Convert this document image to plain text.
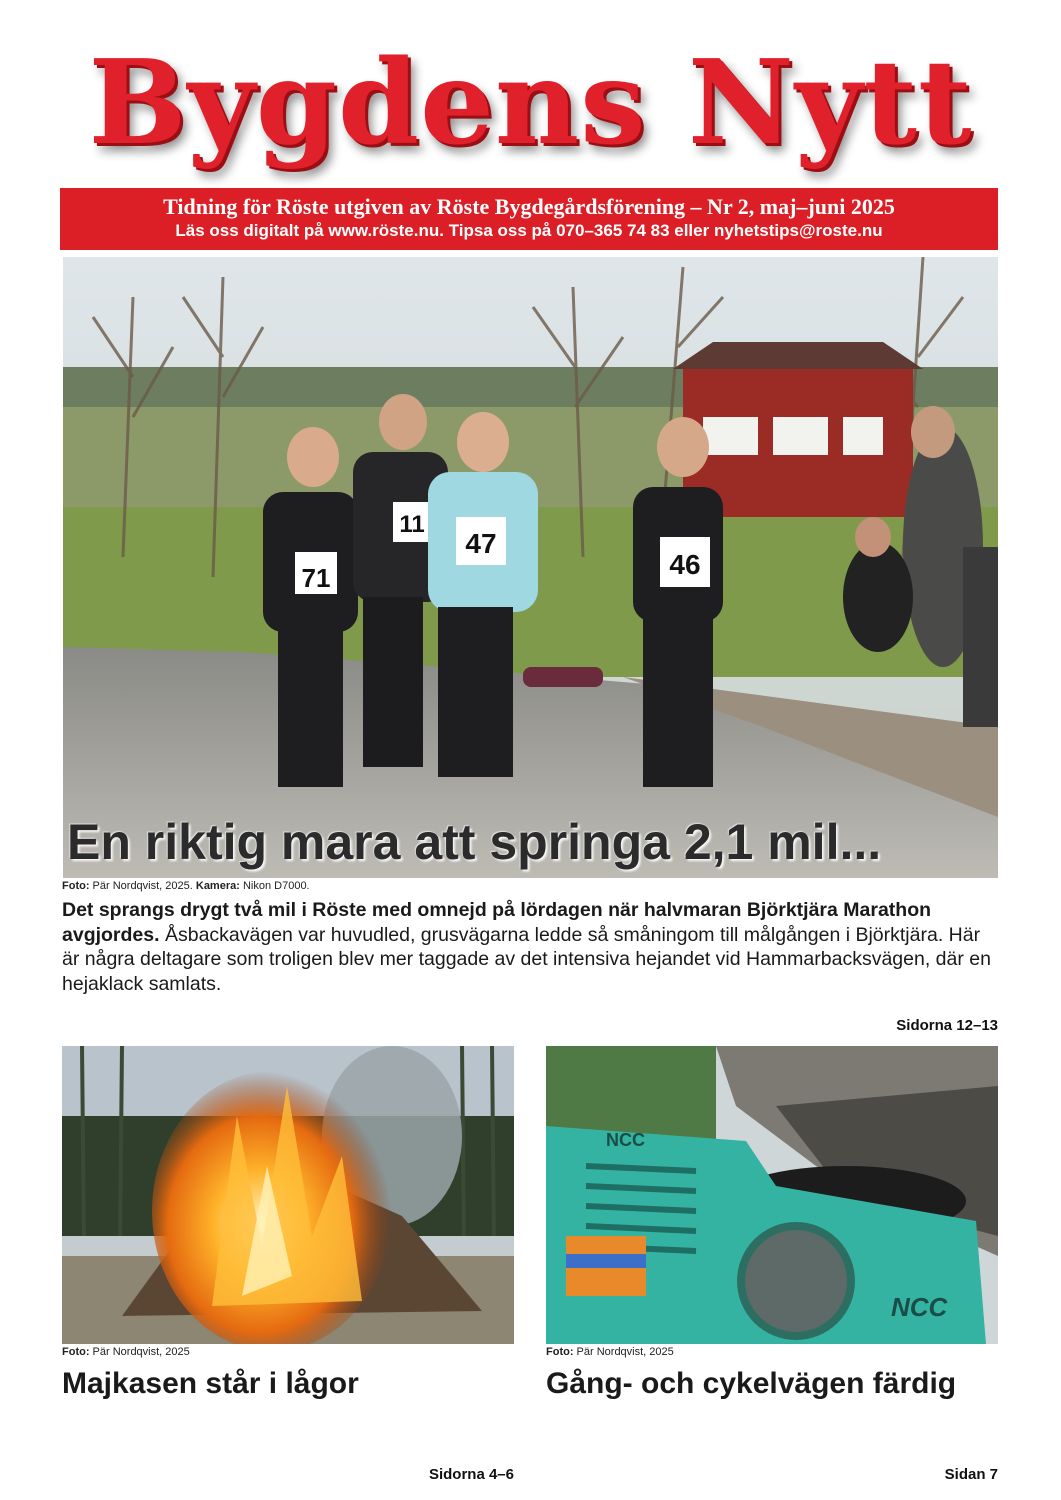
Bygdens Nytt
Tidning för Röste utgiven av Röste Bygdegårdsförening – Nr 2, maj–juni 2025
Läs oss digitalt på www.röste.nu. Tipsa oss på 070–365 74 83 eller nyhetstips@roste.nu
71
11
47
46
En riktig mara att springa 2,1 mil...
Foto: Pär Nordqvist, 2025. Kamera: Nikon D7000.
Det sprangs drygt två mil i Röste med omnejd på lördagen när halvmaran Björktjära Marathon avgjordes. Åsbackavägen var huvudled, grusvägarna ledde så småningom till målgången i Björktjära. Här är några deltagare som troligen blev mer taggade av det intensiva hejandet vid Hammarbacksvägen, där en hejaklack samlats.
Sidorna 12–13
Foto: Pär Nordqvist, 2025
Majkasen står i lågor
Sidorna 4–6
NCC
NCC
Foto: Pär Nordqvist, 2025
Gång- och cykelvägen färdig
Sidan 7
